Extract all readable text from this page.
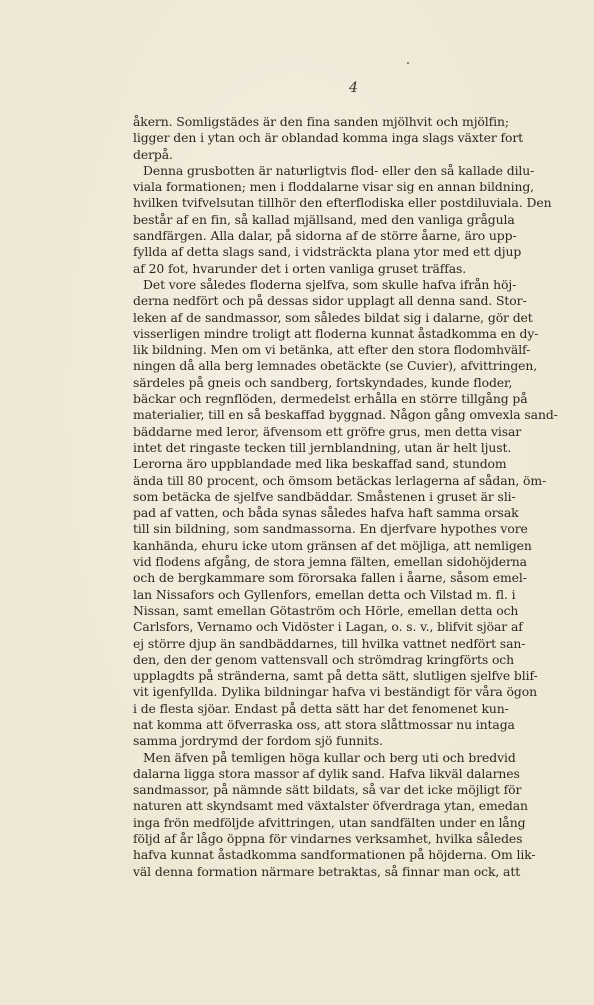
4
åkern. Somligstädes är den fina sanden mjölhvit och mjölfin;
ligger den i ytan och är oblandad komma inga slags växter fort
derpå.
Denna grusbotten är naturligtvis flod- eller den så kallade dilu-
viala formationen; men i floddalarne visar sig en annan bildning,
hvilken tvifvelsutan tillhör den efterflodiska eller postdiluviala. Den
består af en fin, så kallad mjällsand, med den vanliga grågula
sandfärgen. Alla dalar, på sidorna af de större åarne, äro upp-
fyllda af detta slags sand, i vidsträckta plana ytor med ett djup
af 20 fot, hvarunder det i orten vanliga gruset träffas.
Det vore således floderna sjelfva, som skulle hafva ifrån höj-
derna nedfört och på dessas sidor upplagt all denna sand. Stor-
leken af de sandmassor, som således bildat sig i dalarne, gör det
visserligen mindre troligt att floderna kunnat åstadkomma en dy-
lik bildning. Men om vi betänka, att efter den stora flodomhvälf-
ningen då alla berg lemnades obetäckte (se Cuvier), afvittringen,
särdeles på gneis och sandberg, fortskyndades, kunde floder,
bäckar och regnflöden, dermedelst erhålla en större tillgång på
materialier, till en så beskaffad byggnad. Någon gång omvexla sand-
bäddarne med leror, äfvensom ett gröfre grus, men detta visar
intet det ringaste tecken till jernblandning, utan är helt ljust.
Lerorna äro uppblandade med lika beskaffad sand, stundom
ända till 80 procent, och ömsom betäckas lerlagerna af sådan, öm-
som betäcka de sjelfve sandbäddar. Småstenen i gruset är sli-
pad af vatten, och båda synas således hafva haft samma orsak
till sin bildning, som sandmassorna. En djerfvare hypothes vore
kanhända, ehuru icke utom gränsen af det möjliga, att nemligen
vid flodens afgång, de stora jemna fälten, emellan sidohöjderna
och de bergkammare som förorsaka fallen i åarne, såsom emel-
lan Nissafors och Gyllenfors, emellan detta och Vilstad m. fl. i
Nissan, samt emellan Götaström och Hörle, emellan detta och
Carlsfors, Vernamo och Vidöster i Lagan, o. s. v., blifvit sjöar af
ej större djup än sandbäddarnes, till hvilka vattnet nedfört san-
den, den der genom vattensvall och strömdrag kringförts och
upplagdts på stränderna, samt på detta sätt, slutligen sjelfve blif-
vit igenfyllda. Dylika bildningar hafva vi beständigt för våra ögon
i de flesta sjöar. Endast på detta sätt har det fenomenet kun-
nat komma att öfverraska oss, att stora slåttmossar nu intaga
samma jordrymd der fordom sjö funnits.
Men äfven på temligen höga kullar och berg uti och bredvid
dalarna ligga stora massor af dylik sand. Hafva likväl dalarnes
sandmassor, på nämnde sätt bildats, så var det icke möjligt för
naturen att skyndsamt med växtalster öfverdraga ytan, emedan
inga frön medföljde afvittringen, utan sandfälten under en lång
följd af år lågo öppna för vindarnes verksamhet, hvilka således
hafva kunnat åstadkomma sandformationen på höjderna. Om lik-
väl denna formation närmare betraktas, så finnar man ock, att
